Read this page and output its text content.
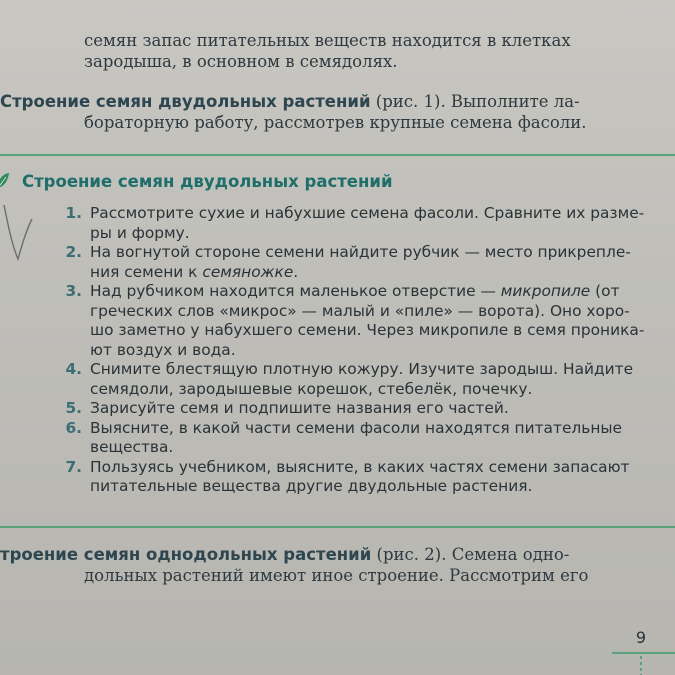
семян запас питательных веществ находится в клетках
зародыша, в основном в семядолях.
Строение семян двудольных растений (рис. 1). Выполните ла-
бораторную работу, рассмотрев крупные семена фасоли.
Строение семян двудольных растений
1. Рассмотрите сухие и набухшие семена фасоли. Сравните их разме-
ры и форму.
2. На вогнутой стороне семени найдите рубчик — место прикрепле-
ния семени к семяножке.
3. Над рубчиком находится маленькое отверстие — микропиле (от
греческих слов «микрос» — малый и «пиле» — ворота). Оно хоро-
шо заметно у набухшего семени. Через микропиле в семя проника-
ют воздух и вода.
4. Снимите блестящую плотную кожуру. Изучите зародыш. Найдите
семядоли, зародышевые корешок, стебелёк, почечку.
5. Зарисуйте семя и подпишите названия его частей.
6. Выясните, в какой части семени фасоли находятся питательные
вещества.
7. Пользуясь учебником, выясните, в каких частях семени запасают
питательные вещества другие двудольные растения.
троение семян однодольных растений (рис. 2). Семена одно-
дольных растений имеют иное строение. Рассмотрим его
9
